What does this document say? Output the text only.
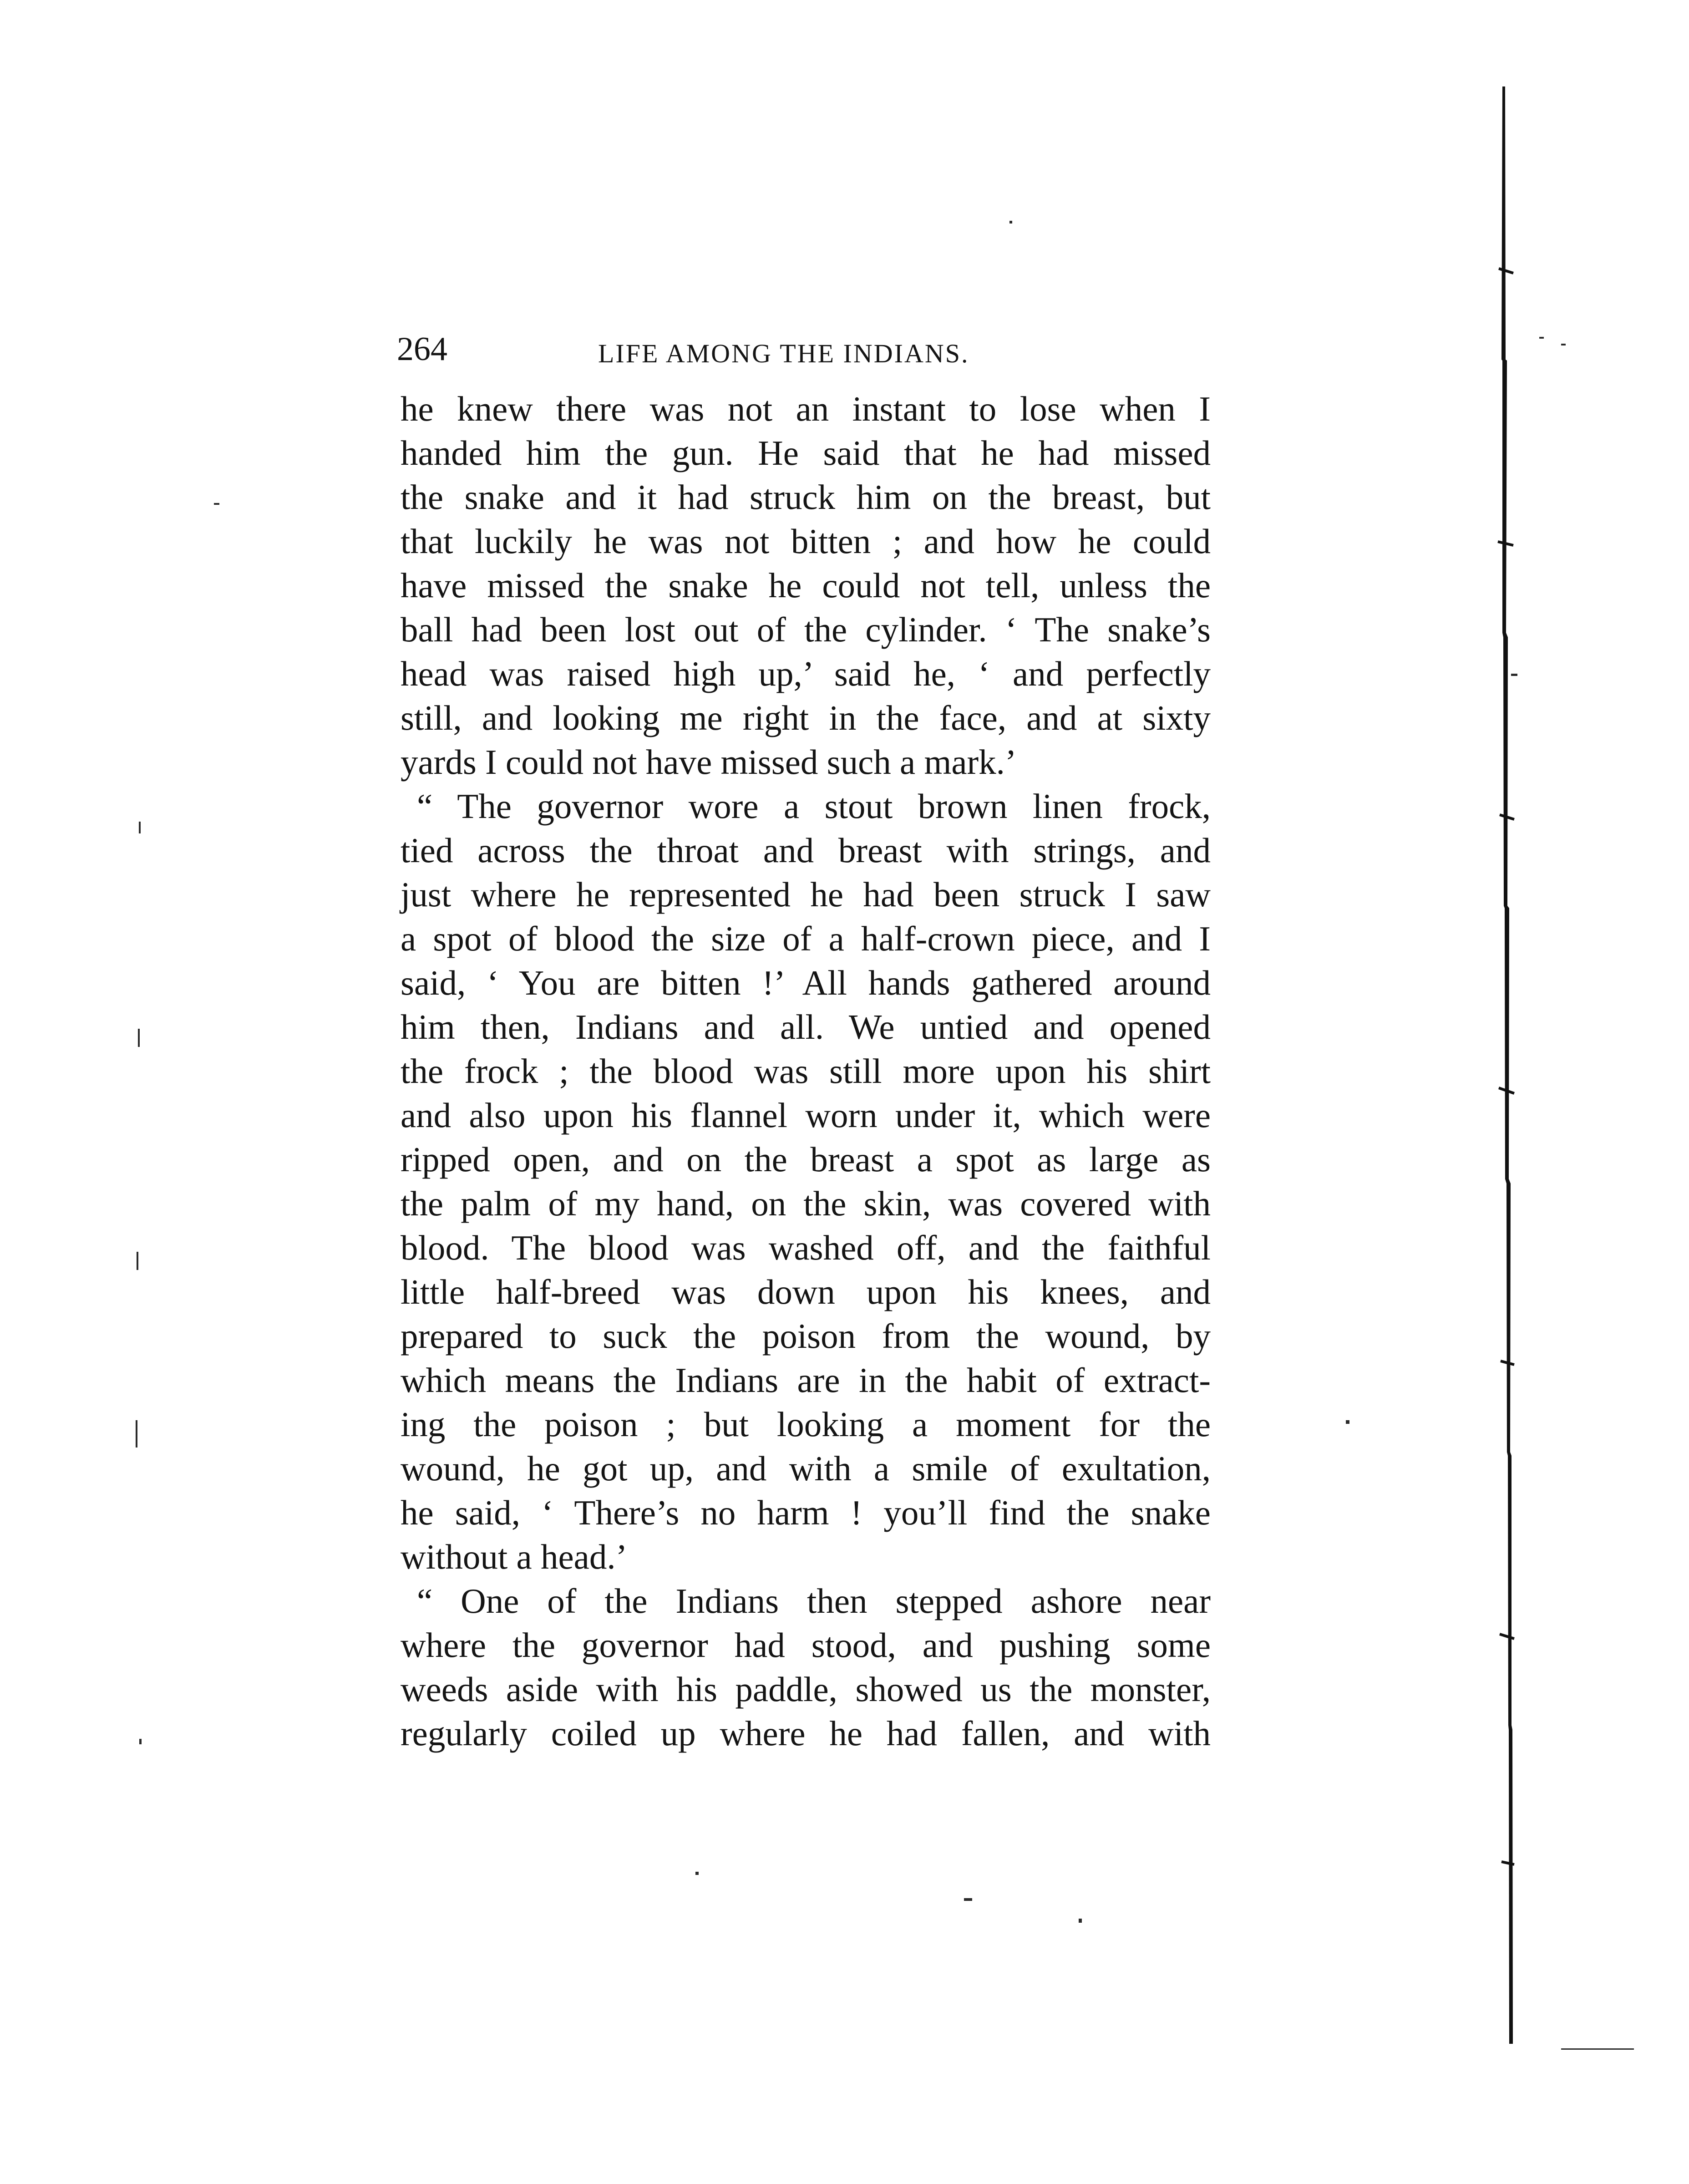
264	LIFE AMONG THE INDIANS.
he knew there was not an instant to lose when I
handed him the gun. He said that he had missed
the snake and it had struck him on the breast, but
that luckily he was not bitten ; and how he could
have missed the snake he could not tell, unless the
ball had been lost out of the cylinder. ‘ The snake’s
head was raised high up,’ said he, ‘ and perfectly
still, and looking me right in the face, and at sixty
yards I could not have missed such a mark.’
“ The governor wore a stout brown linen frock,
tied across the throat and breast with strings, and
just where he represented he had been struck I saw
a spot of blood the size of a half-crown piece, and I
said, ‘ You are bitten !’ All hands gathered around
him then, Indians and all. We untied and opened
the frock ; the blood was still more upon his shirt
and also upon his flannel worn under it, which were
ripped open, and on the breast a spot as large as
the palm of my hand, on the skin, was covered with
blood. The blood was washed off, and the faithful
little half-breed was down upon his knees, and
prepared to suck the poison from the wound, by
which means the Indians are in the habit of extract-
ing the poison ; but looking a moment for the
wound, he got up, and with a smile of exultation,
he said, ‘ There’s no harm ! you’ll find the snake
without a head.’
“ One of the Indians then stepped ashore near
where the governor had stood, and pushing some
weeds aside with his paddle, showed us the monster,
regularly coiled up where he had fallen, and with
